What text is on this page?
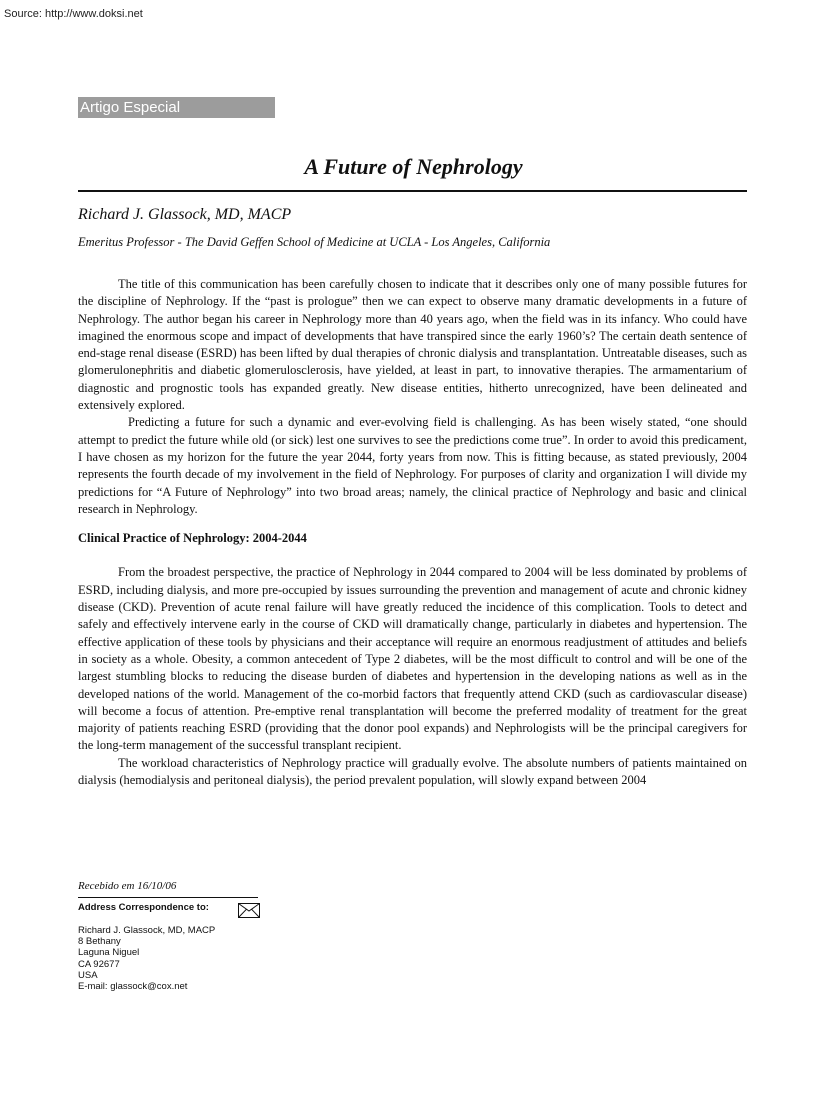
Source: http://www.doksi.net
Artigo Especial
A Future of Nephrology
Richard J. Glassock, MD, MACP
Emeritus Professor - The David Geffen School of Medicine at UCLA - Los Angeles, California

The title of this communication has been carefully chosen to indicate that it describes only one of many possible futures for the discipline of Nephrology. If the “past is prologue” then we can expect to observe many dramatic developments in a future of Nephrology. The author began his career in Nephrology more than 40 years ago, when the field was in its infancy. Who could have imagined the enormous scope and impact of developments that have transpired since the early 1960’s? The certain death sentence of end-stage renal disease (ESRD) has been lifted by dual therapies of chronic dialysis and transplantation. Untreatable diseases, such as glomerulonephritis and diabetic glomerulosclerosis, have yielded, at least in part, to innovative therapies. The armamentarium of diagnostic and prognostic tools has expanded greatly. New disease entities, hitherto unrecognized, have been delineated and extensively explored.

Predicting a future for such a dynamic and ever-evolving field is challenging. As has been wisely stated, “one should attempt to predict the future while old (or sick) lest one survives to see the predictions come true”. In order to avoid this predicament, I have chosen as my horizon for the future the year 2044, forty years from now. This is fitting because, as stated previously, 2004 represents the fourth decade of my involvement in the field of Nephrology. For purposes of clarity and organization I will divide my predictions for “A Future of Nephrology” into two broad areas; namely, the clinical practice of Nephrology and basic and clinical research in Nephrology.

Clinical Practice of Nephrology: 2004-2044

From the broadest perspective, the practice of Nephrology in 2044 compared to 2004 will be less dominated by problems of ESRD, including dialysis, and more pre-occupied by issues surrounding the prevention and management of acute and chronic kidney disease (CKD). Prevention of acute renal failure will have greatly reduced the incidence of this complication. Tools to detect and safely and effectively intervene early in the course of CKD will dramatically change, particularly in diabetes and hypertension. The effective application of these tools by physicians and their acceptance will require an enormous readjustment of attitudes and beliefs in society as a whole. Obesity, a common antecedent of Type 2 diabetes, will be the most difficult to control and will be one of the largest stumbling blocks to reducing the disease burden of diabetes and hypertension in the developing nations as well as in the developed nations of the world. Management of the co-morbid factors that frequently attend CKD (such as cardiovascular disease) will become a focus of attention. Pre-emptive renal transplantation will become the preferred modality of treatment for the great majority of patients reaching ESRD (providing that the donor pool expands) and Nephrologists will be the principal caregivers for the long-term management of the successful transplant recipient.

The workload characteristics of Nephrology practice will gradually evolve. The absolute numbers of patients maintained on dialysis (hemodialysis and peritoneal dialysis), the period prevalent population, will slowly expand between 2004

Recebido em 16/10/06
Address Correspondence to:
Richard J. Glassock, MD, MACP
8 Bethany
Laguna Niguel
CA 92677
USA
E-mail: glassock@cox.net
